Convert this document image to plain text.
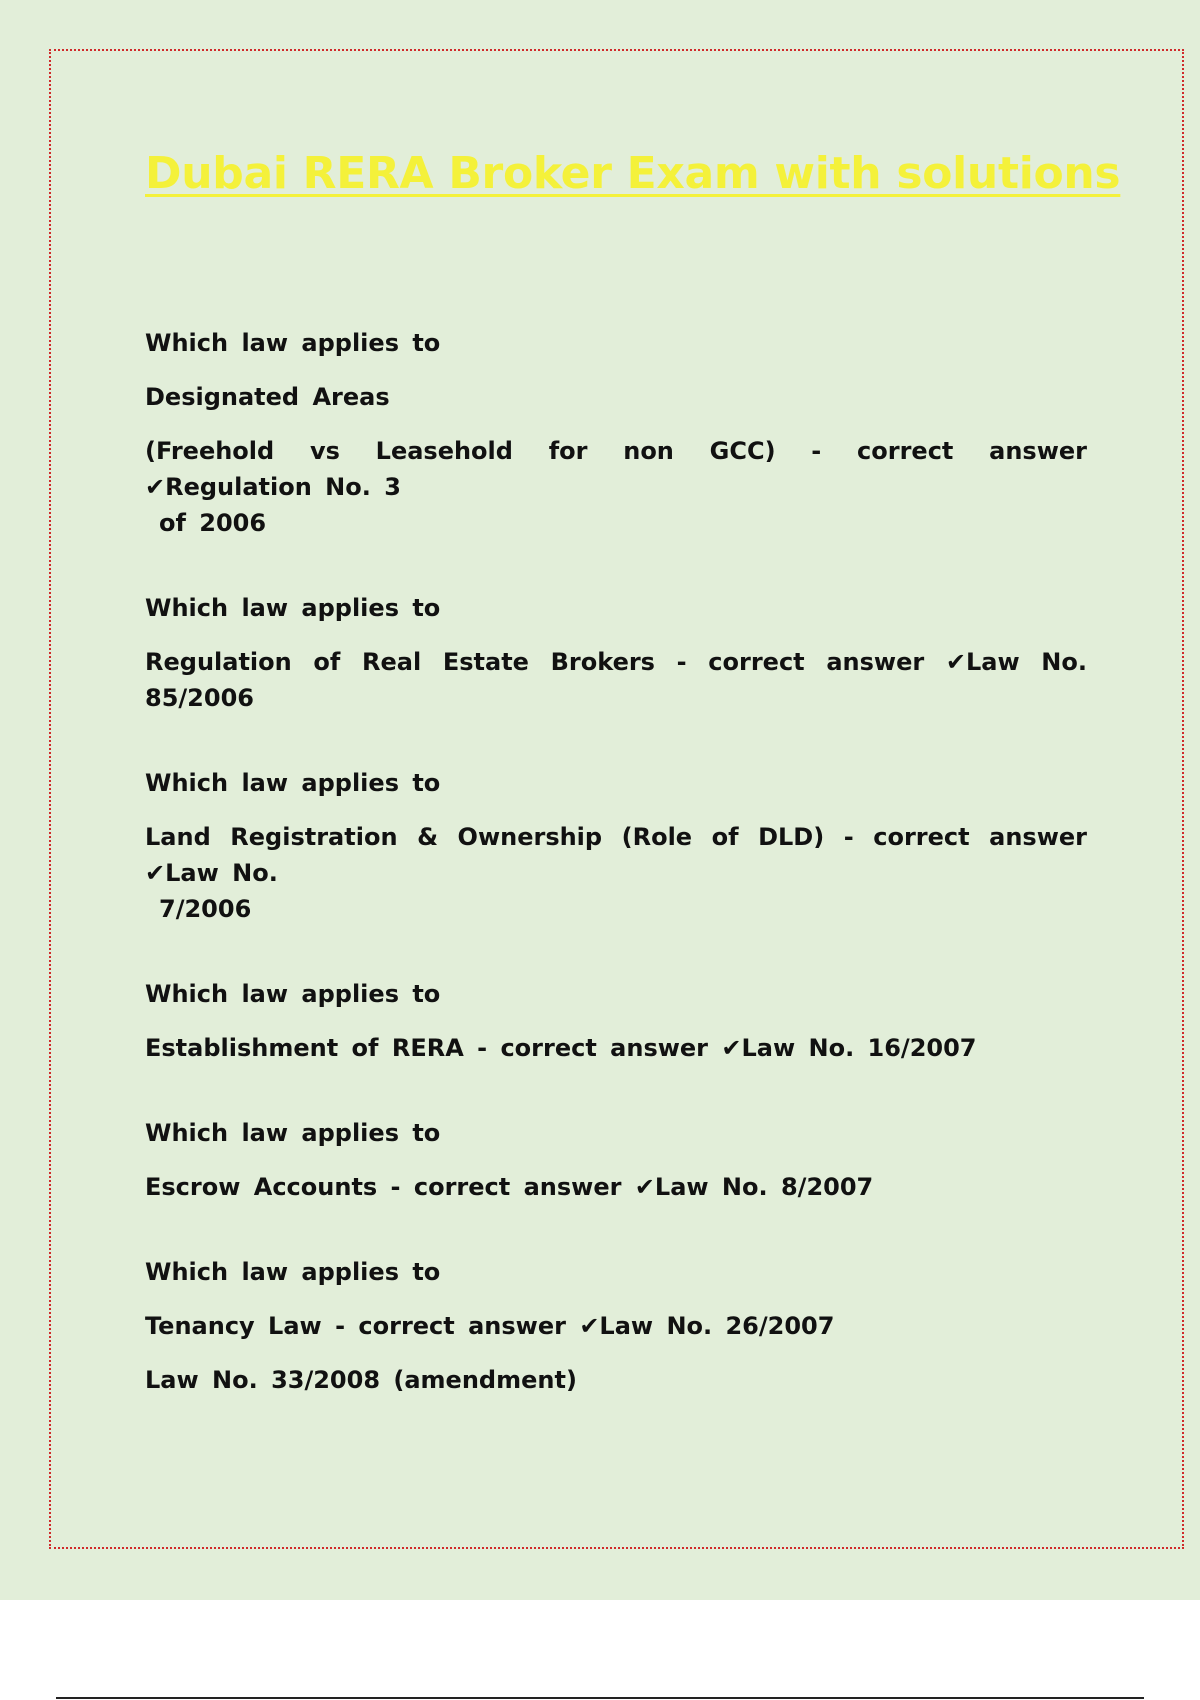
Dubai RERA Broker Exam with solutions
Which law applies to
Designated Areas
(Freehold vs Leasehold for non GCC) - correct answer ✔Regulation No. 3
of 2006
Which law applies to
Regulation of Real Estate Brokers - correct answer ✔Law No. 85/2006
Which law applies to
Land Registration & Ownership (Role of DLD) - correct answer ✔Law No.
7/2006
Which law applies to
Establishment of RERA - correct answer ✔Law No. 16/2007
Which law applies to
Escrow Accounts - correct answer ✔Law No. 8/2007
Which law applies to
Tenancy Law - correct answer ✔Law No. 26/2007
Law No. 33/2008 (amendment)
